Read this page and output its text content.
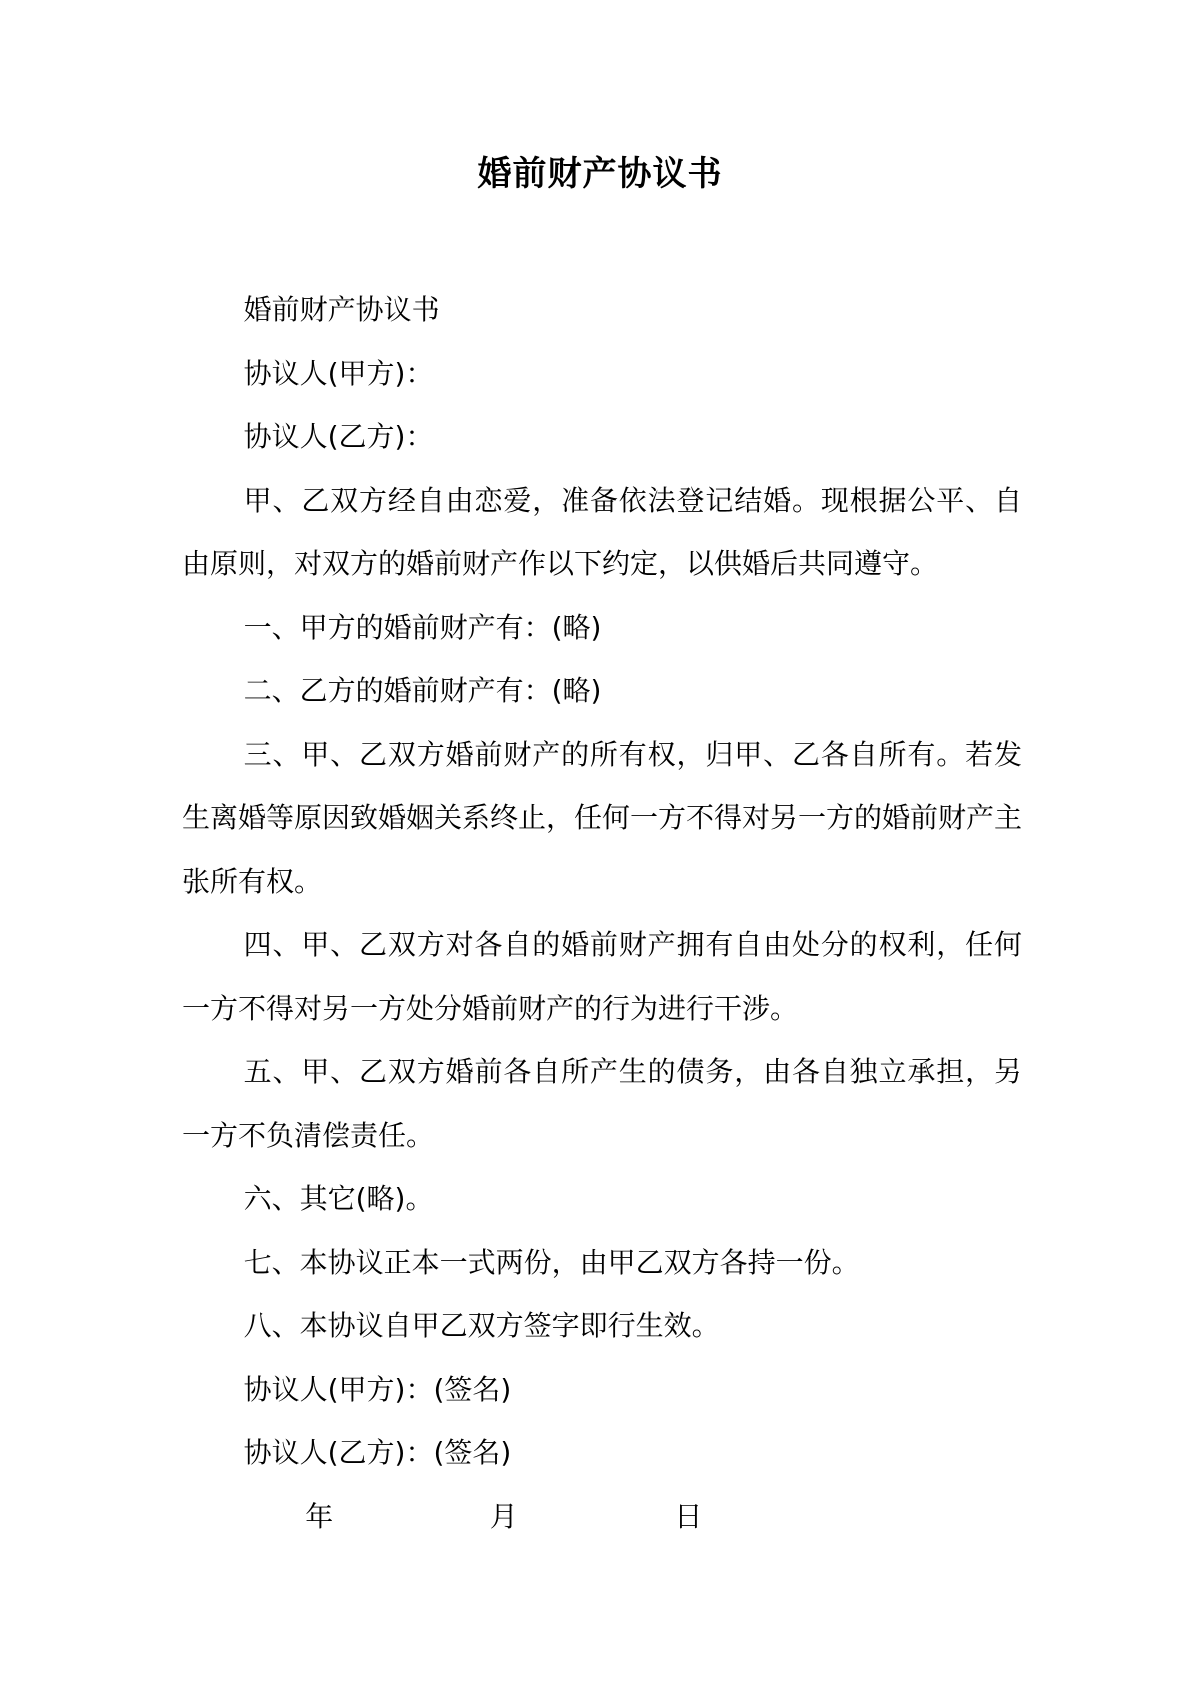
婚前财产协议书

婚前财产协议书

协议人(甲方)：

协议人(乙方)：

甲、乙双方经自由恋爱，准备依法登记结婚。现根据公平、自由原则，对双方的婚前财产作以下约定，以供婚后共同遵守。

一、甲方的婚前财产有：(略)

二、乙方的婚前财产有：(略)

三、甲、乙双方婚前财产的所有权，归甲、乙各自所有。若发生离婚等原因致婚姻关系终止，任何一方不得对另一方的婚前财产主张所有权。

四、甲、乙双方对各自的婚前财产拥有自由处分的权利，任何一方不得对另一方处分婚前财产的行为进行干涉。

五、甲、乙双方婚前各自所产生的债务，由各自独立承担，另一方不负清偿责任。

六、其它(略)。

七、本协议正本一式两份，由甲乙双方各持一份。

八、本协议自甲乙双方签字即行生效。

协议人(甲方)：(签名)

协议人(乙方)：(签名)

年	月	日
